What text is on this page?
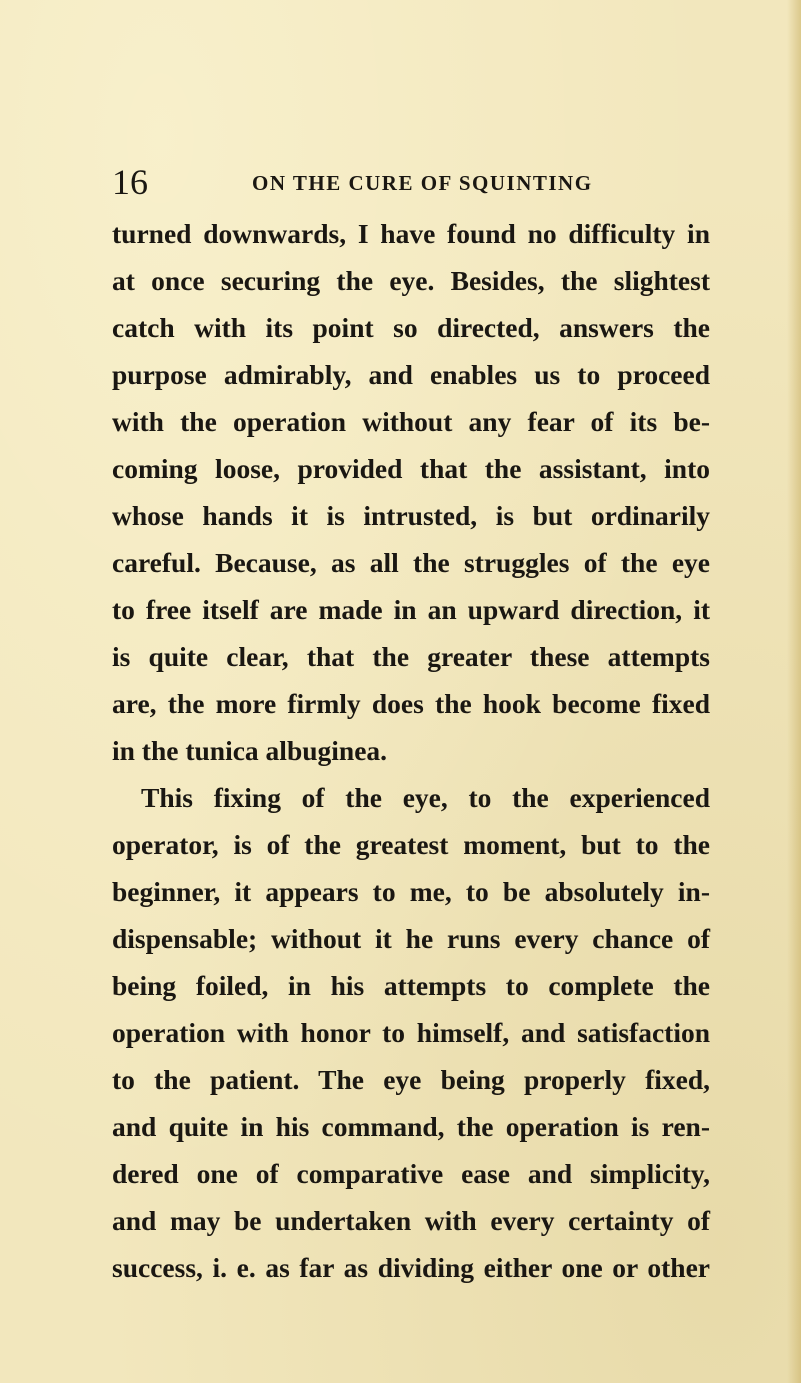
16	ON THE CURE OF SQUINTING
turned downwards, I have found no difficulty in
at once securing the eye. Besides, the slightest
catch with its point so directed, answers the
purpose admirably, and enables us to proceed
with the operation without any fear of its be-
coming loose, provided that the assistant, into
whose hands it is intrusted, is but ordinarily
careful. Because, as all the struggles of the eye
to free itself are made in an upward direction, it
is quite clear, that the greater these attempts
are, the more firmly does the hook become fixed
in the tunica albuginea.
This fixing of the eye, to the experienced
operator, is of the greatest moment, but to the
beginner, it appears to me, to be absolutely in-
dispensable; without it he runs every chance of
being foiled, in his attempts to complete the
operation with honor to himself, and satisfaction
to the patient. The eye being properly fixed,
and quite in his command, the operation is ren-
dered one of comparative ease and simplicity,
and may be undertaken with every certainty of
success, i. e. as far as dividing either one or other
